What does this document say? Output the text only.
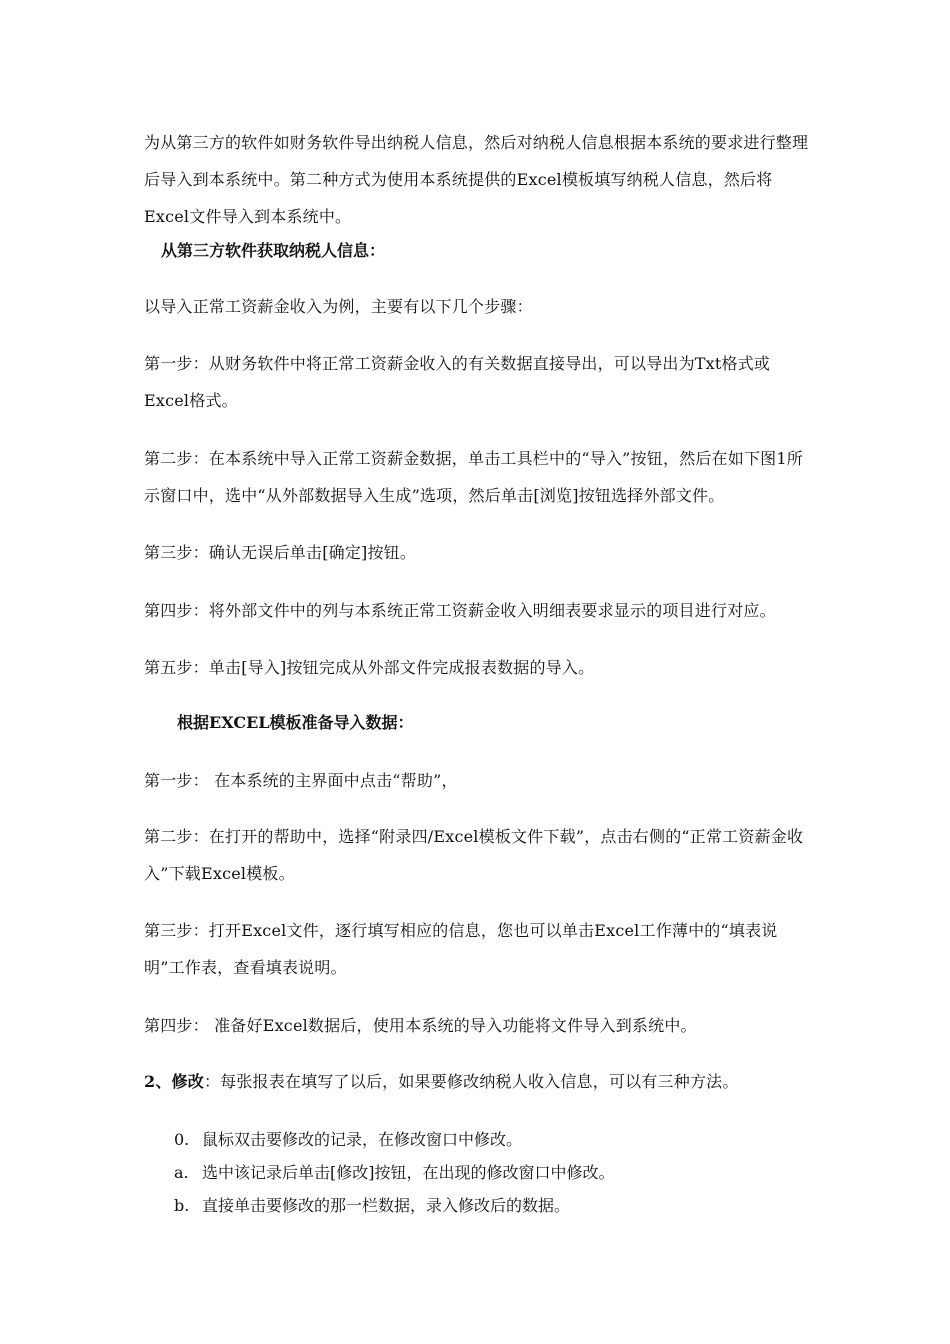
为从第三方的软件如财务软件导出纳税人信息，然后对纳税人信息根据本系统的要求进行整理后导入到本系统中。第二种方式为使用本系统提供的Excel模板填写纳税人信息，然后将Excel文件导入到本系统中。

从第三方软件获取纳税人信息：

以导入正常工资薪金收入为例，主要有以下几个步骤：

第一步：从财务软件中将正常工资薪金收入的有关数据直接导出，可以导出为Txt格式或Excel格式。

第二步：在本系统中导入正常工资薪金数据，单击工具栏中的“导入”按钮，然后在如下图1所示窗口中，选中“从外部数据导入生成”选项，然后单击[浏览]按钮选择外部文件。

第三步：确认无误后单击[确定]按钮。

第四步：将外部文件中的列与本系统正常工资薪金收入明细表要求显示的项目进行对应。

第五步：单击[导入]按钮完成从外部文件完成报表数据的导入。

根据EXCEL模板准备导入数据：

第一步： 在本系统的主界面中点击“帮助”，

第二步：在打开的帮助中，选择“附录四/Excel模板文件下载”，点击右侧的“正常工资薪金收入”下载Excel模板。

第三步：打开Excel文件，逐行填写相应的信息，您也可以单击Excel工作薄中的“填表说明”工作表，查看填表说明。

第四步： 准备好Excel数据后，使用本系统的导入功能将文件导入到系统中。

2、修改：每张报表在填写了以后，如果要修改纳税人收入信息，可以有三种方法。

0. 鼠标双击要修改的记录，在修改窗口中修改。
a. 选中该记录后单击[修改]按钮，在出现的修改窗口中修改。
b. 直接单击要修改的那一栏数据，录入修改后的数据。
